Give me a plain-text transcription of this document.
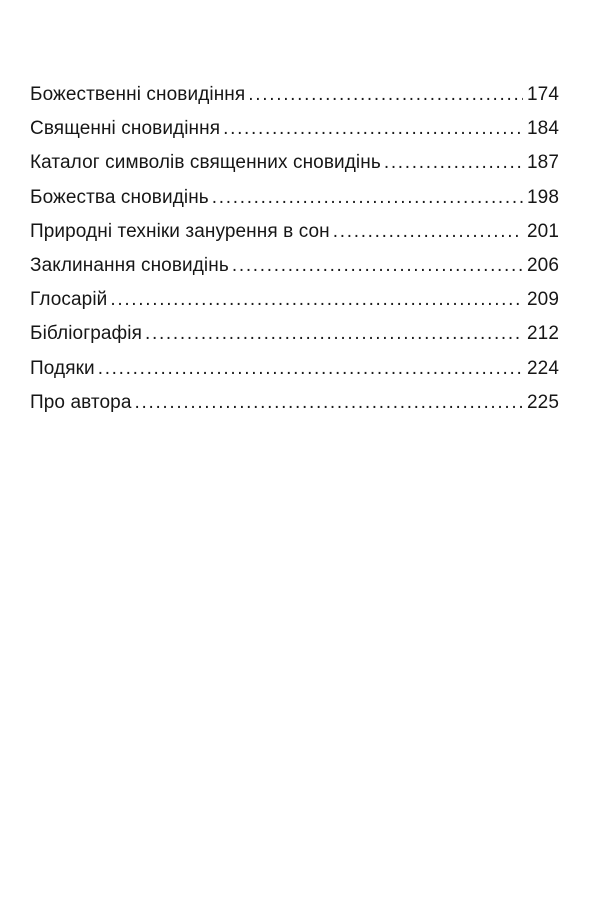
Божественні сновидіння .....	174
Священні сновидіння .....	184
Каталог символів священних сновидінь .....	187
Божества сновидінь .....	198
Природні техніки занурення в сон .....	201
Заклинання сновидінь .....	206
Глосарій .....	209
Бібліографія .....	212
Подяки .....	224
Про автора .....	225
